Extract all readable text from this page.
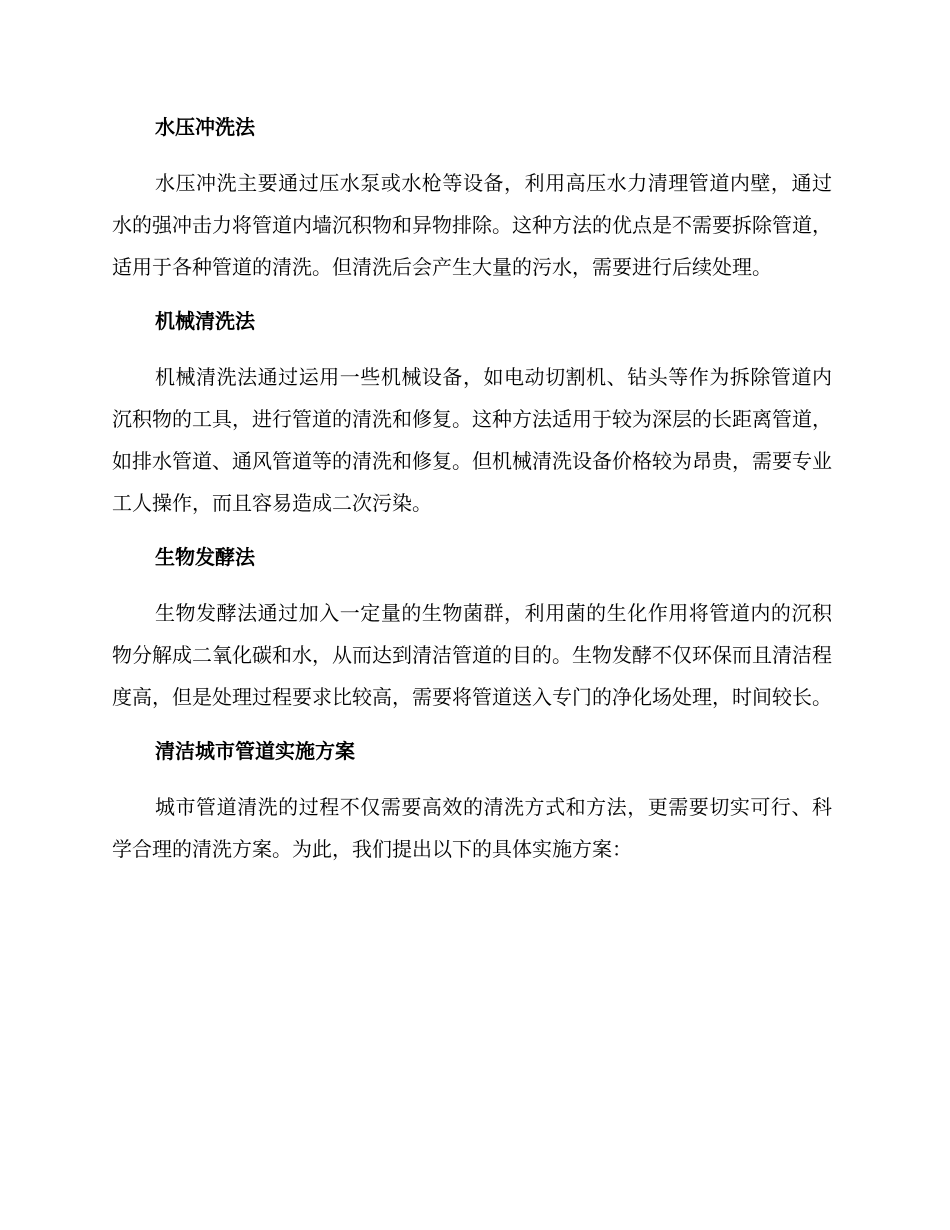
水压冲洗法

水压冲洗主要通过压水泵或水枪等设备，利用高压水力清理管道内壁，通过水的强冲击力将管道内墙沉积物和异物排除。这种方法的优点是不需要拆除管道，适用于各种管道的清洗。但清洗后会产生大量的污水，需要进行后续处理。

机械清洗法

机械清洗法通过运用一些机械设备，如电动切割机、钻头等作为拆除管道内沉积物的工具，进行管道的清洗和修复。这种方法适用于较为深层的长距离管道，如排水管道、通风管道等的清洗和修复。但机械清洗设备价格较为昂贵，需要专业工人操作，而且容易造成二次污染。

生物发酵法

生物发酵法通过加入一定量的生物菌群，利用菌的生化作用将管道内的沉积物分解成二氧化碳和水，从而达到清洁管道的目的。生物发酵不仅环保而且清洁程度高，但是处理过程要求比较高，需要将管道送入专门的净化场处理，时间较长。

清洁城市管道实施方案

城市管道清洗的过程不仅需要高效的清洗方式和方法，更需要切实可行、科学合理的清洗方案。为此，我们提出以下的具体实施方案：
